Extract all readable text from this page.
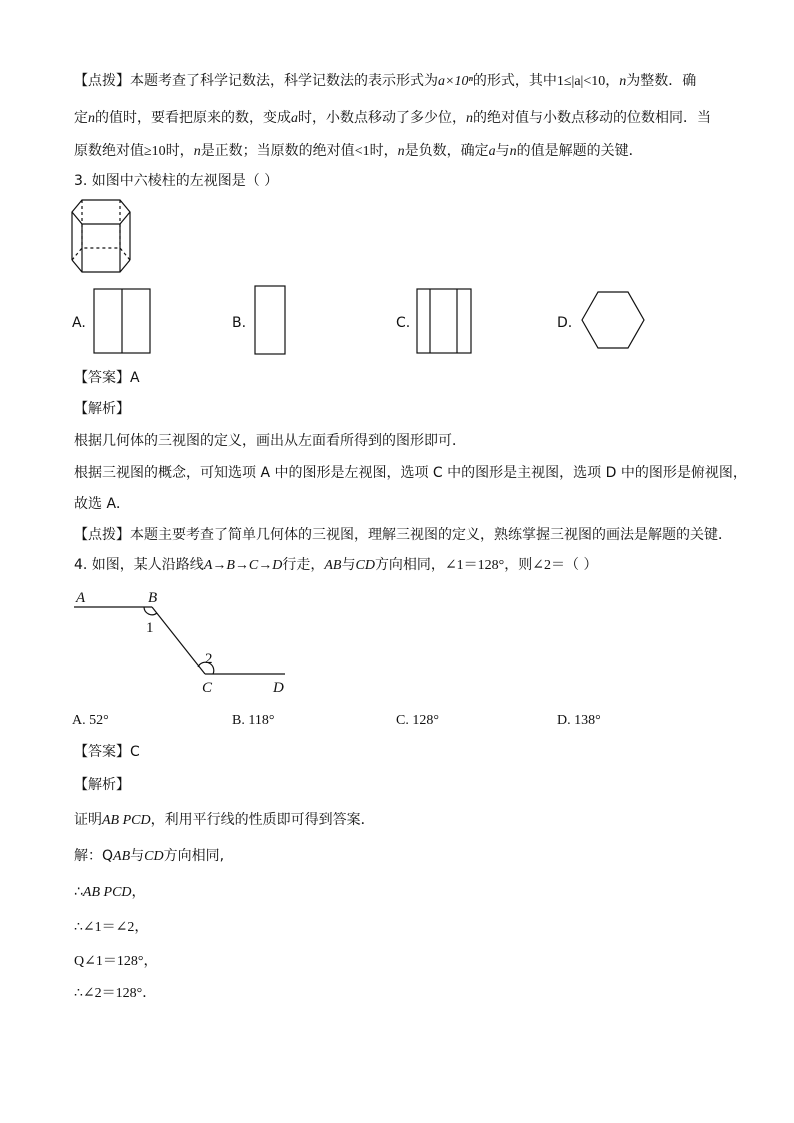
【点拨】本题考查了科学记数法，科学记数法的表示形式为a×10ⁿ的形式，其中1≤|a|<10，n为整数．确
定n的值时，要看把原来的数，变成a时，小数点移动了多少位，n的绝对值与小数点移动的位数相同．当
原数绝对值≥10时，n是正数；当原数的绝对值<1时，n是负数，确定a与n的值是解题的关键．
3. 如图中六棱柱的左视图是（ ）
A.	B.	C.	D.
【答案】A
【解析】
根据几何体的三视图的定义，画出从左面看所得到的图形即可．
根据三视图的概念，可知选项 A 中的图形是左视图，选项 C 中的图形是主视图，选项 D 中的图形是俯视图，
故选 A．
【点拨】本题主要考查了简单几何体的三视图，理解三视图的定义，熟练掌握三视图的画法是解题的关键．
4. 如图，某人沿路线A→B→C→D行走，AB与CD方向相同，∠1＝128°，则∠2＝（ ）
A	B
C	D
1
2
A. 52°	B. 118°	C. 128°	D. 138°
【答案】C
【解析】
证明AB PCD，利用平行线的性质即可得到答案．
解：QAB与CD方向相同,
∴AB PCD，
∴∠1＝∠2，
Q∠1＝128°，
∴∠2＝128°．
